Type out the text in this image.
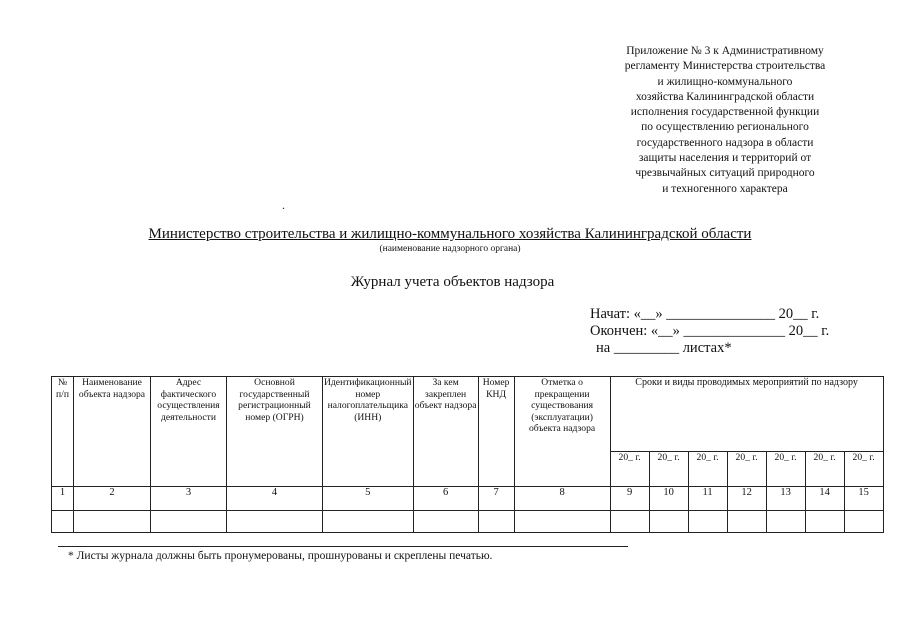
Приложение № 3 к Административному
регламенту Министерства строительства
и жилищно-коммунального
хозяйства Калининградской области
исполнения государственной функции
по осуществлению регионального
государственного надзора в области
защиты населения и территорий от
чрезвычайных ситуаций природного
и техногенного характера
.
Министерство строительства и жилищно-коммунального хозяйства Калининградской области
(наименование надзорного органа)
Журнал учета объектов надзора
Начат: «__» _______________ 20__ г.
Окончен: «__» ______________ 20__ г.
на _________ листах*
№ п/п	Наименование объекта надзора	Адрес фактического осуществления деятельности	Основной государственный регистрационный номер (ОГРН)	Идентификационный номер налогоплательщика (ИНН)	За кем закреплен объект надзора	Номер КНД	Отметка о прекращении существования (эксплуатации) объекта надзора	Сроки и виды проводимых мероприятий по надзору						
								20_ г.	20_ г.	20_ г.	20_ г.	20_ г.	20_ г.	20_ г.
1	2	3	4	5	6	7	8	9	10	11	12	13	14	15

* Листы журнала должны быть пронумерованы, прошнурованы и скреплены печатью.
